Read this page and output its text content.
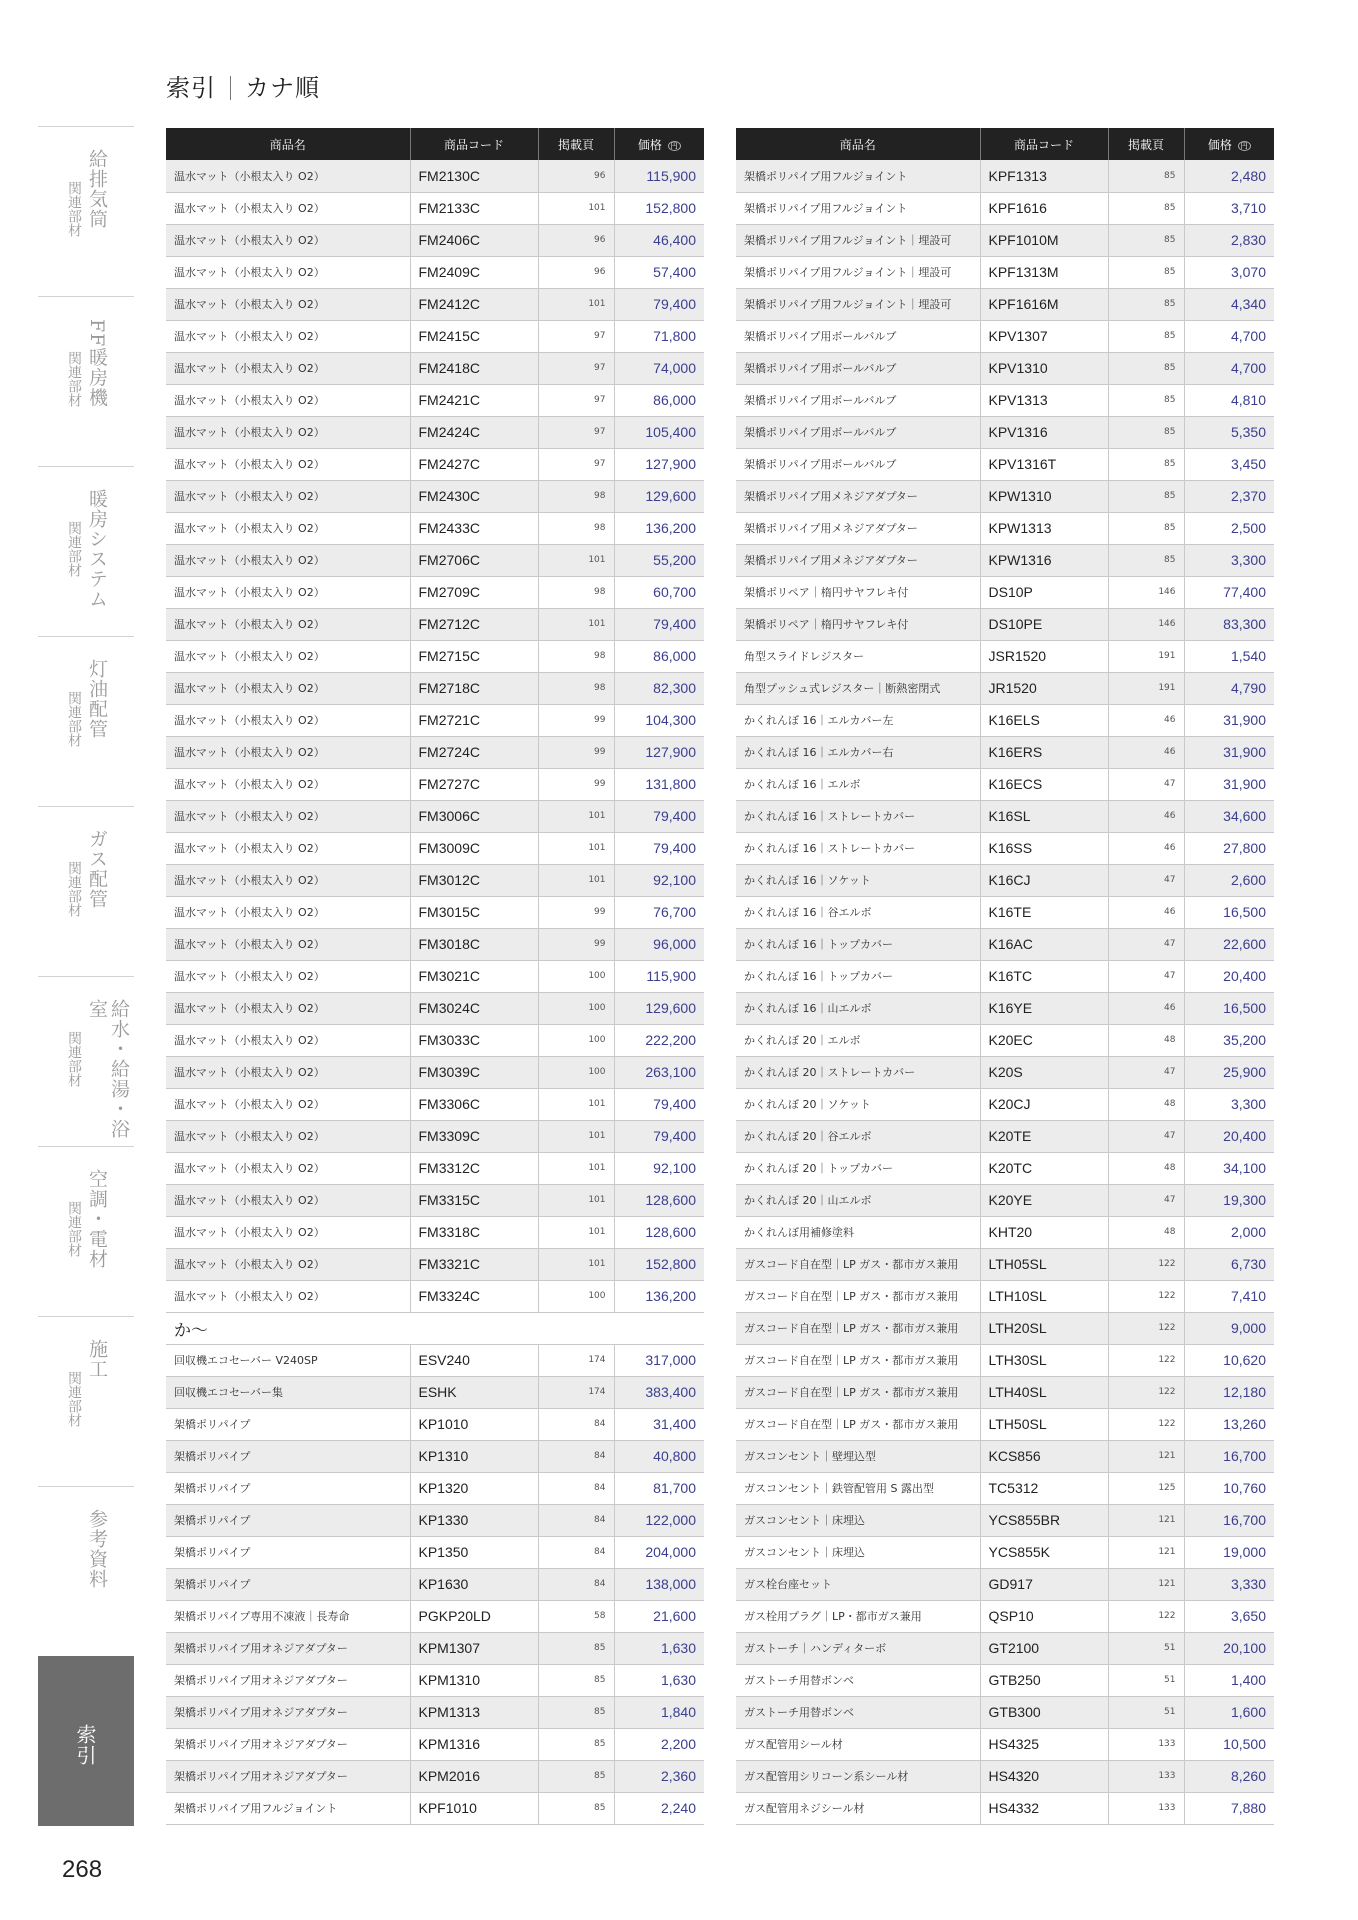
索引 カナ順
給排気筒
関連部材
FF暖房機
関連部材
暖房システム
関連部材
灯油配管
関連部材
ガス配管
関連部材
給水・給湯・浴室
関連部材
空調・電材
関連部材
施工
関連部材
参考資料
索引
商品名	商品コード	掲載頁	価格 円
温水マット（小根太入り O2）	FM2130C	96	115,900
温水マット（小根太入り O2）	FM2133C	101	152,800
温水マット（小根太入り O2）	FM2406C	96	46,400
温水マット（小根太入り O2）	FM2409C	96	57,400
温水マット（小根太入り O2）	FM2412C	101	79,400
温水マット（小根太入り O2）	FM2415C	97	71,800
温水マット（小根太入り O2）	FM2418C	97	74,000
温水マット（小根太入り O2）	FM2421C	97	86,000
温水マット（小根太入り O2）	FM2424C	97	105,400
温水マット（小根太入り O2）	FM2427C	97	127,900
温水マット（小根太入り O2）	FM2430C	98	129,600
温水マット（小根太入り O2）	FM2433C	98	136,200
温水マット（小根太入り O2）	FM2706C	101	55,200
温水マット（小根太入り O2）	FM2709C	98	60,700
温水マット（小根太入り O2）	FM2712C	101	79,400
温水マット（小根太入り O2）	FM2715C	98	86,000
温水マット（小根太入り O2）	FM2718C	98	82,300
温水マット（小根太入り O2）	FM2721C	99	104,300
温水マット（小根太入り O2）	FM2724C	99	127,900
温水マット（小根太入り O2）	FM2727C	99	131,800
温水マット（小根太入り O2）	FM3006C	101	79,400
温水マット（小根太入り O2）	FM3009C	101	79,400
温水マット（小根太入り O2）	FM3012C	101	92,100
温水マット（小根太入り O2）	FM3015C	99	76,700
温水マット（小根太入り O2）	FM3018C	99	96,000
温水マット（小根太入り O2）	FM3021C	100	115,900
温水マット（小根太入り O2）	FM3024C	100	129,600
温水マット（小根太入り O2）	FM3033C	100	222,200
温水マット（小根太入り O2）	FM3039C	100	263,100
温水マット（小根太入り O2）	FM3306C	101	79,400
温水マット（小根太入り O2）	FM3309C	101	79,400
温水マット（小根太入り O2）	FM3312C	101	92,100
温水マット（小根太入り O2）	FM3315C	101	128,600
温水マット（小根太入り O2）	FM3318C	101	128,600
温水マット（小根太入り O2）	FM3321C	101	152,800
温水マット（小根太入り O2）	FM3324C	100	136,200
か〜			
回収機エコセーバー V240SP	ESV240	174	317,000
回収機エコセーバー集	ESHK	174	383,400
架橋ポリパイプ	KP1010	84	31,400
架橋ポリパイプ	KP1310	84	40,800
架橋ポリパイプ	KP1320	84	81,700
架橋ポリパイプ	KP1330	84	122,000
架橋ポリパイプ	KP1350	84	204,000
架橋ポリパイプ	KP1630	84	138,000
架橋ポリパイプ専用不凍液｜長寿命	PGKP20LD	58	21,600
架橋ポリパイプ用オネジアダプター	KPM1307	85	1,630
架橋ポリパイプ用オネジアダプター	KPM1310	85	1,630
架橋ポリパイプ用オネジアダプター	KPM1313	85	1,840
架橋ポリパイプ用オネジアダプター	KPM1316	85	2,200
架橋ポリパイプ用オネジアダプター	KPM2016	85	2,360
架橋ポリパイプ用フルジョイント	KPF1010	85	2,240
商品名	商品コード	掲載頁	価格 円
架橋ポリパイプ用フルジョイント	KPF1313	85	2,480
架橋ポリパイプ用フルジョイント	KPF1616	85	3,710
架橋ポリパイプ用フルジョイント｜埋設可	KPF1010M	85	2,830
架橋ポリパイプ用フルジョイント｜埋設可	KPF1313M	85	3,070
架橋ポリパイプ用フルジョイント｜埋設可	KPF1616M	85	4,340
架橋ポリパイプ用ボールバルブ	KPV1307	85	4,700
架橋ポリパイプ用ボールバルブ	KPV1310	85	4,700
架橋ポリパイプ用ボールバルブ	KPV1313	85	4,810
架橋ポリパイプ用ボールバルブ	KPV1316	85	5,350
架橋ポリパイプ用ボールバルブ	KPV1316T	85	3,450
架橋ポリパイプ用メネジアダプター	KPW1310	85	2,370
架橋ポリパイプ用メネジアダプター	KPW1313	85	2,500
架橋ポリパイプ用メネジアダプター	KPW1316	85	3,300
架橋ポリペア｜楕円サヤフレキ付	DS10P	146	77,400
架橋ポリペア｜楕円サヤフレキ付	DS10PE	146	83,300
角型スライドレジスター	JSR1520	191	1,540
角型プッシュ式レジスター｜断熱密閉式	JR1520	191	4,790
かくれんぼ 16｜エルカバー左	K16ELS	46	31,900
かくれんぼ 16｜エルカバー右	K16ERS	46	31,900
かくれんぼ 16｜エルボ	K16ECS	47	31,900
かくれんぼ 16｜ストレートカバー	K16SL	46	34,600
かくれんぼ 16｜ストレートカバー	K16SS	46	27,800
かくれんぼ 16｜ソケット	K16CJ	47	2,600
かくれんぼ 16｜谷エルボ	K16TE	46	16,500
かくれんぼ 16｜トップカバー	K16AC	47	22,600
かくれんぼ 16｜トップカバー	K16TC	47	20,400
かくれんぼ 16｜山エルボ	K16YE	46	16,500
かくれんぼ 20｜エルボ	K20EC	48	35,200
かくれんぼ 20｜ストレートカバー	K20S	47	25,900
かくれんぼ 20｜ソケット	K20CJ	48	3,300
かくれんぼ 20｜谷エルボ	K20TE	47	20,400
かくれんぼ 20｜トップカバー	K20TC	48	34,100
かくれんぼ 20｜山エルボ	K20YE	47	19,300
かくれんぼ用補修塗料	KHT20	48	2,000
ガスコード自在型｜LP ガス・都市ガス兼用	LTH05SL	122	6,730
ガスコード自在型｜LP ガス・都市ガス兼用	LTH10SL	122	7,410
ガスコード自在型｜LP ガス・都市ガス兼用	LTH20SL	122	9,000
ガスコード自在型｜LP ガス・都市ガス兼用	LTH30SL	122	10,620
ガスコード自在型｜LP ガス・都市ガス兼用	LTH40SL	122	12,180
ガスコード自在型｜LP ガス・都市ガス兼用	LTH50SL	122	13,260
ガスコンセント｜壁埋込型	KCS856	121	16,700
ガスコンセント｜鉄管配管用 S 露出型	TC5312	125	10,760
ガスコンセント｜床埋込	YCS855BR	121	16,700
ガスコンセント｜床埋込	YCS855K	121	19,000
ガス栓台座セット	GD917	121	3,330
ガス栓用プラグ｜LP・都市ガス兼用	QSP10	122	3,650
ガストーチ｜ハンディターボ	GT2100	51	20,100
ガストーチ用替ボンベ	GTB250	51	1,400
ガストーチ用替ボンベ	GTB300	51	1,600
ガス配管用シール材	HS4325	133	10,500
ガス配管用シリコーン系シール材	HS4320	133	8,260
ガス配管用ネジシール材	HS4332	133	7,880
268
